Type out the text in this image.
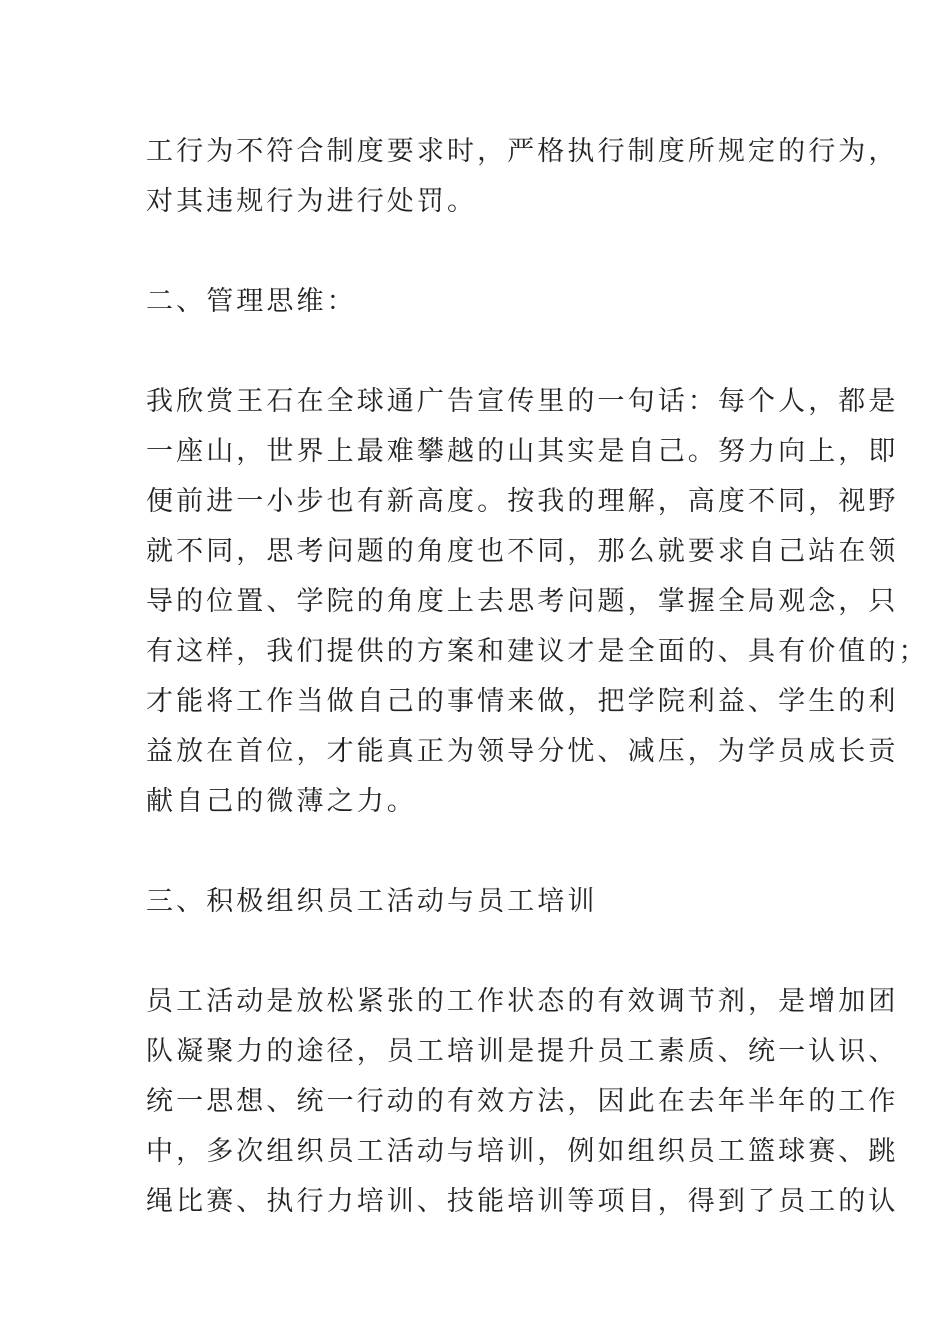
工行为不符合制度要求时，严格执行制度所规定的行为，
对其违规行为进行处罚。
二、管理思维：
我欣赏王石在全球通广告宣传里的一句话：每个人，都是
一座山，世界上最难攀越的山其实是自己。努力向上，即
便前进一小步也有新高度。按我的理解，高度不同，视野
就不同，思考问题的角度也不同，那么就要求自己站在领
导的位置、学院的角度上去思考问题，掌握全局观念，只
有这样，我们提供的方案和建议才是全面的、具有价值的；
才能将工作当做自己的事情来做，把学院利益、学生的利
益放在首位，才能真正为领导分忧、减压，为学员成长贡
献自己的微薄之力。
三、积极组织员工活动与员工培训
员工活动是放松紧张的工作状态的有效调节剂，是增加团
队凝聚力的途径，员工培训是提升员工素质、统一认识、
统一思想、统一行动的有效方法，因此在去年半年的工作
中，多次组织员工活动与培训，例如组织员工篮球赛、跳
绳比赛、执行力培训、技能培训等项目，得到了员工的认
